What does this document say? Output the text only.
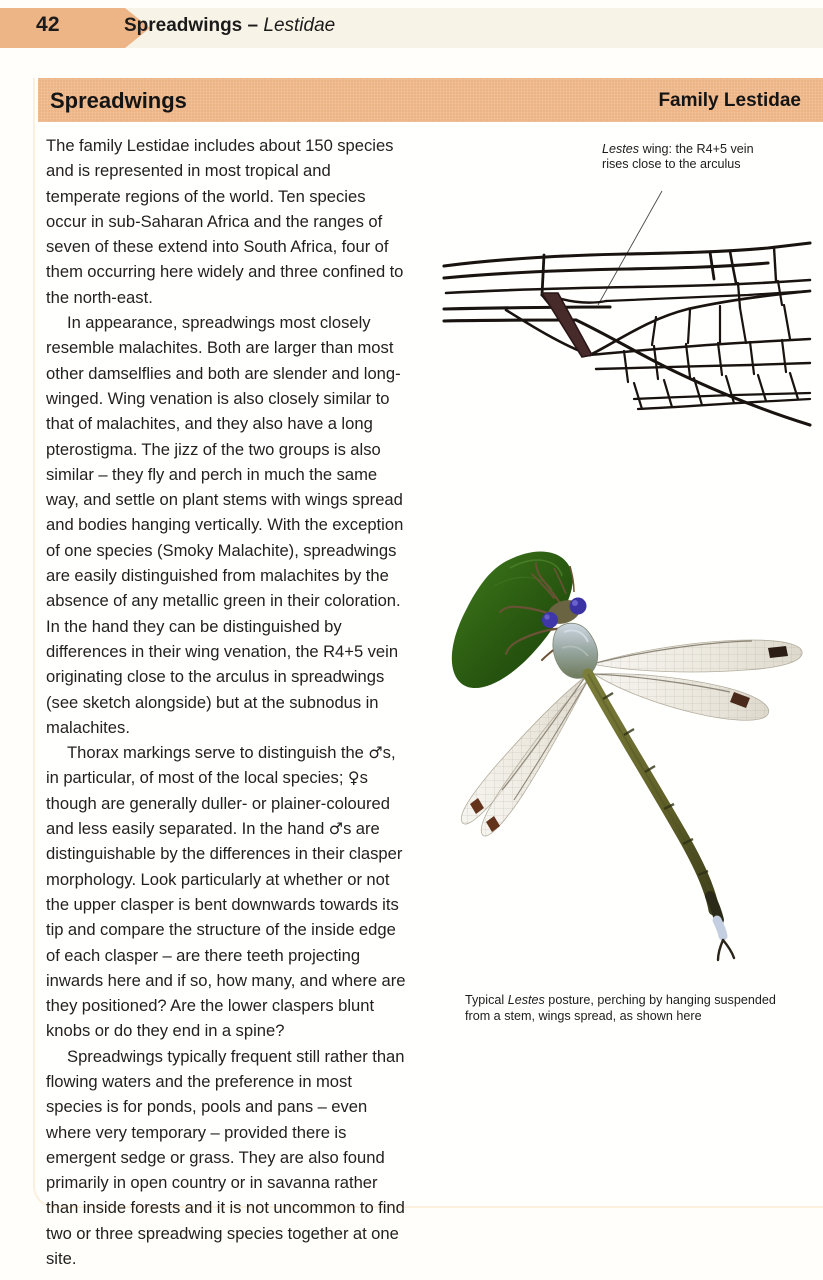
42	Spreadwings – Lestidae
Spreadwings	Family Lestidae

The family Lestidae includes about 150 species and is represented in most tropical and temperate regions of the world. Ten species occur in sub-Saharan Africa and the ranges of seven of these extend into South Africa, four of them occurring here widely and three confined to the north-east.

In appearance, spreadwings most closely resemble malachites. Both are larger than most other damselflies and both are slender and long-winged. Wing venation is also closely similar to that of malachites, and they also have a long pterostigma. The jizz of the two groups is also similar – they fly and perch in much the same way, and settle on plant stems with wings spread and bodies hanging vertically. With the exception of one species (Smoky Malachite), spreadwings are easily distinguished from malachites by the absence of any metallic green in their coloration. In the hand they can be distinguished by differences in their wing venation, the R4+5 vein originating close to the arculus in spreadwings (see sketch alongside) but at the subnodus in malachites.

Thorax markings serve to distinguish the ♂s, in particular, of most of the local species; ♀s though are generally duller- or plainer-coloured and less easily separated. In the hand ♂s are distinguishable by the differences in their clasper morphology. Look particularly at whether or not the upper clasper is bent downwards towards its tip and compare the structure of the inside edge of each clasper – are there teeth projecting inwards here and if so, how many, and where are they positioned? Are the lower claspers blunt knobs or do they end in a spine?

Spreadwings typically frequent still rather than flowing waters and the preference in most species is for ponds, pools and pans – even where very temporary – provided there is emergent sedge or grass. They are also found primarily in open country or in savanna rather than inside forests and it is not uncommon to find two or three spreadwing species together at one site.

Lestes wing: the R4+5 vein rises close to the arculus
Typical Lestes posture, perching by hanging suspended from a stem, wings spread, as shown here
